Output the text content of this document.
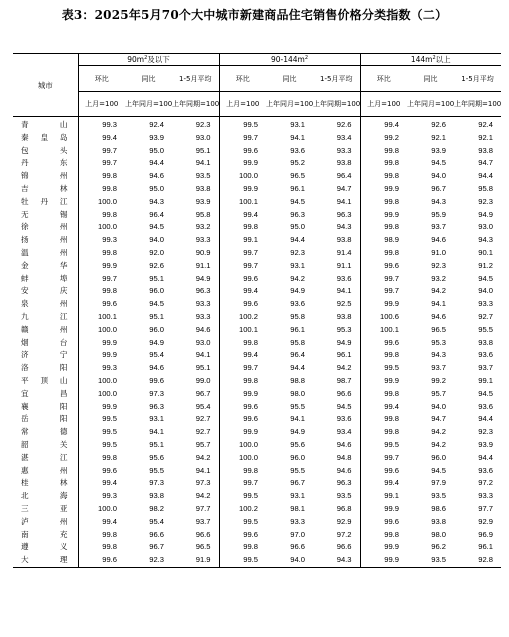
表3：2025年5月70个大中城市新建商品住宅销售价格分类指数（二）
城市	$90m^2$及以下			$90-144m^2$			$144m^2$以上		
	环比	同比	1-5月平均	环比	同比	1-5月平均	环比	同比	1-5月平均
	上月=100	上年同月=100	上年同期=100	上月=100	上年同月=100	上年同期=100	上月=100	上年同月=100	上年同期=100
青山	99.3	92.4	92.3	99.5	93.1	92.6	99.4	92.6	92.4
秦皇岛	99.4	93.9	93.0	99.7	94.1	93.4	99.2	92.1	92.1
包头	99.7	95.0	95.1	99.6	93.6	93.3	99.8	93.9	93.8
丹东	99.7	94.4	94.1	99.9	95.2	93.8	99.8	94.5	94.7
锦州	99.8	94.6	93.5	100.0	96.5	96.4	99.8	94.0	94.4
吉林	99.8	95.0	93.8	99.9	96.1	94.7	99.9	96.7	95.8
牡丹江	100.0	94.3	93.9	100.1	94.5	94.1	99.8	94.3	92.3
无锡	99.8	96.4	95.8	99.4	96.3	96.3	99.9	95.9	94.9
徐州	100.0	94.5	93.2	99.8	95.0	94.3	99.8	93.7	93.0
扬州	99.3	94.0	93.3	99.1	94.4	93.8	98.9	94.6	94.3
温州	99.8	92.0	90.9	99.7	92.3	91.4	99.8	91.0	90.1
金华	99.9	92.6	91.1	99.7	93.1	91.1	99.6	92.3	91.2
蚌埠	99.7	95.1	94.9	99.6	94.2	93.6	99.7	93.2	94.5
安庆	99.8	96.0	96.3	99.4	94.9	94.1	99.7	94.2	94.0
泉州	99.6	94.5	93.3	99.6	93.6	92.5	99.9	94.1	93.3
九江	100.1	95.1	93.3	100.2	95.8	93.8	100.6	94.6	92.7
赣州	100.0	96.0	94.6	100.1	96.1	95.3	100.1	96.5	95.5
烟台	99.9	94.9	93.0	99.8	95.8	94.9	99.6	95.3	93.8
济宁	99.9	95.4	94.1	99.4	96.4	96.1	99.8	94.3	93.6
洛阳	99.3	94.6	95.1	99.7	94.4	94.2	99.5	93.7	93.7
平顶山	100.0	99.6	99.0	99.8	98.8	98.7	99.9	99.2	99.1
宜昌	100.0	97.3	96.7	99.9	98.0	96.6	99.8	95.7	94.5
襄阳	99.9	96.3	95.4	99.6	95.5	94.5	99.4	94.0	93.6
岳阳	99.5	93.1	92.7	99.6	94.1	93.6	99.8	94.7	94.4
常德	99.5	94.1	92.7	99.9	94.9	93.4	99.8	94.2	92.3
韶关	99.5	95.1	95.7	100.0	95.6	94.6	99.5	94.2	93.9
湛江	99.8	95.6	94.2	100.0	96.0	94.8	99.7	96.0	94.4
惠州	99.6	95.5	94.1	99.8	95.5	94.6	99.6	94.5	93.6
桂林	99.4	97.3	97.3	99.7	96.7	96.3	99.4	97.9	97.2
北海	99.3	93.8	94.2	99.5	93.1	93.5	99.1	93.5	93.3
三亚	100.0	98.2	97.7	100.2	98.1	96.8	99.9	98.6	97.7
泸州	99.4	95.4	93.7	99.5	93.3	92.9	99.6	93.8	92.9
南充	99.8	96.6	96.6	99.6	97.0	97.2	99.8	98.0	96.9
遵义	99.8	96.7	96.5	99.8	96.6	96.6	99.9	96.2	96.1
大理	99.6	92.3	91.9	99.5	94.0	94.3	99.9	93.5	92.8
